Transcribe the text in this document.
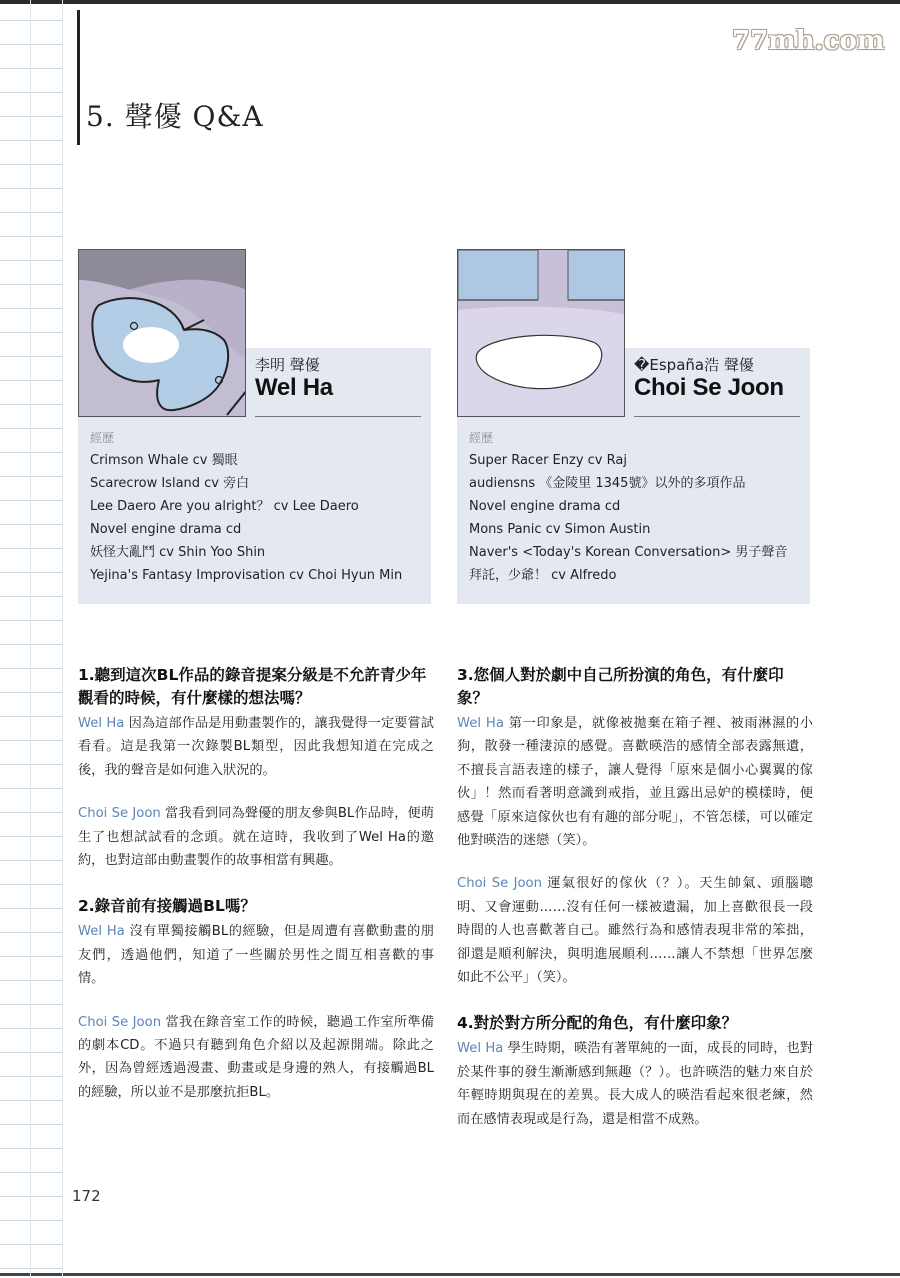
5. 聲優 Q&A
77mh.com
李明 聲優
Wel Ha
經歷
Crimson Whale cv 獨眼
Scarecrow Island cv 旁白
Lee Daero Are you alright？ cv Lee Daero
Novel engine drama cd
妖怪大亂鬥 cv Shin Yoo Shin
Yejina's Fantasy Improvisation cv Choi Hyun Min
�España浩 聲優
Choi Se Joon
經歷
Super Racer Enzy cv Raj
audiensns 《金陵里 1345號》以外的多項作品
Novel engine drama cd
Mons Panic cv Simon Austin
Naver's <Today's Korean Conversation> 男子聲音
拜託，少爺！ cv Alfredo

1.聽到這次BL作品的錄音提案分級是不允許青少年觀看的時候，有什麼樣的想法嗎？

Wel Ha 因為這部作品是用動畫製作的，讓我覺得一定要嘗試看看。這是我第一次錄製BL類型，因此我想知道在完成之後，我的聲音是如何進入狀況的。

Choi Se Joon 當我看到同為聲優的朋友參與BL作品時，便萌生了也想試試看的念頭。就在這時，我收到了Wel Ha的邀約，也對這部由動畫製作的故事相當有興趣。

2.錄音前有接觸過BL嗎？

Wel Ha 沒有單獨接觸BL的經驗，但是周遭有喜歡動畫的朋友們，透過他們，知道了一些關於男性之間互相喜歡的事情。

Choi Se Joon 當我在錄音室工作的時候，聽過工作室所準備的劇本CD。不過只有聽到角色介紹以及起源開端。除此之外，因為曾經透過漫畫、動畫或是身邊的熟人，有接觸過BL的經驗，所以並不是那麼抗拒BL。

3.您個人對於劇中自己所扮演的角色，有什麼印象？

Wel Ha 第一印象是，就像被拋棄在箱子裡、被雨淋濕的小狗，散發一種淒涼的感覺。喜歡暎浩的感情全部表露無遺，不擅長言語表達的樣子，讓人覺得「原來是個小心翼翼的傢伙」！然而看著明意識到戒指，並且露出忌妒的模樣時，便感覺「原來這傢伙也有有趣的部分呢」，不管怎樣，可以確定他對暎浩的迷戀（笑）。

Choi Se Joon 運氣很好的傢伙（？）。天生帥氣、頭腦聰明、又會運動……沒有任何一樣被遺漏，加上喜歡很長一段時間的人也喜歡著自己。雖然行為和感情表現非常的笨拙，卻還是順利解決，與明進展順利……讓人不禁想「世界怎麼如此不公平」（笑）。

4.對於對方所分配的角色，有什麼印象？

Wel Ha 學生時期，暎浩有著單純的一面，成長的同時，也對於某件事的發生漸漸感到無趣（？）。也許暎浩的魅力來自於年輕時期與現在的差異。長大成人的暎浩看起來很老練，然而在感情表現或是行為，還是相當不成熟。

172
